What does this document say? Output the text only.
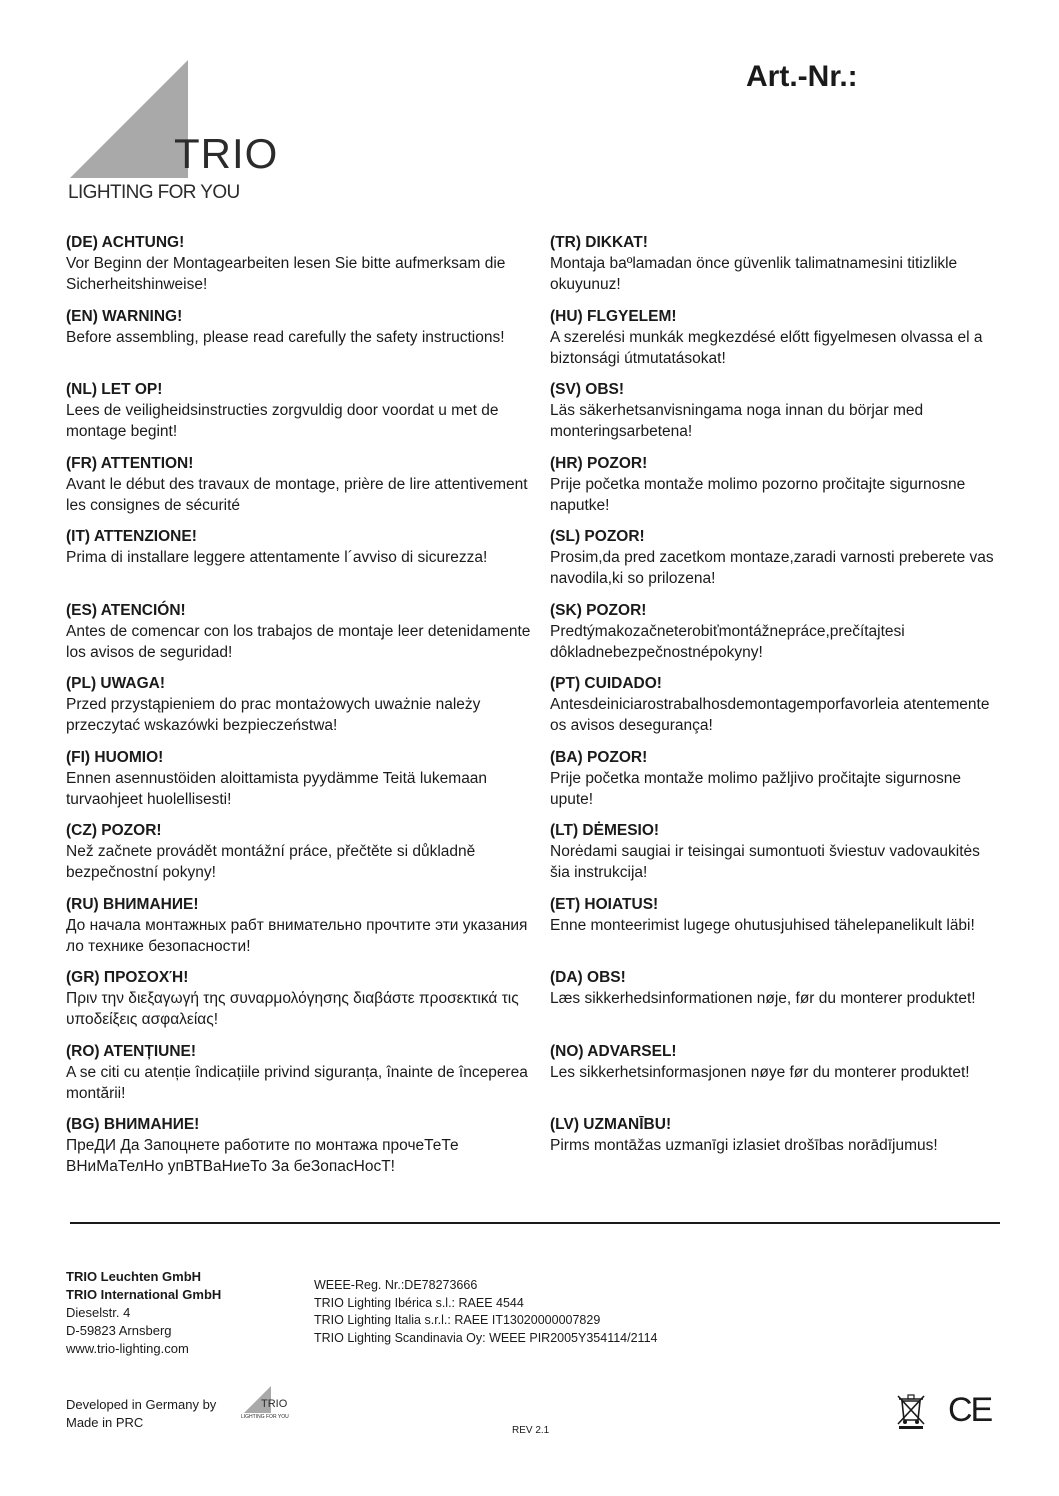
TRIO
LIGHTING FOR YOU
Art.-Nr.:
(DE) ACHTUNG!

Vor Beginn der Montagearbeiten lesen Sie bitte aufmerksam die Sicherheitshinweise!

(EN) WARNING!

Before assembling, please read carefully the safety instructions!

(NL) LET OP!

Lees de veiligheidsinstructies zorgvuldig door voordat u met de montage begint!

(FR) ATTENTION!

Avant le début des travaux de montage, prière de lire attentivement les consignes de sécurité

(IT) ATTENZIONE!

Prima di installare leggere attentamente l´avviso di sicurezza!

(ES) ATENCIÓN!

Antes de comencar con los trabajos de montaje leer detenidamente los avisos de seguridad!

(PL) UWAGA!

Przed przystąpieniem do prac montażowych uważnie należy przeczytać wskazówki bezpieczeństwa!

(FI) HUOMIO!

Ennen asennustöiden aloittamista pyydämme Teitä lukemaan turvaohjeet huolellisesti!

(CZ) POZOR!

Než začnete provádět montážní práce, přečtěte si důkladně bezpečnostní pokyny!

(RU) ВНИМАНИЕ!

До начала монтажных рабт внимательно прочтите эти указания ло технике безопасности!

(GR) ΠΡΟΣΟΧΉ!

Πριν την διεξαγωγή της συναρμολόγησης διαβάστε προσεκτικά τις υποδείξεις ασφαλείας!

(RO) ATENȚIUNE!

A se citi cu atenție îndicațiile privind siguranța, înainte de începerea montării!

(BG) ВНИМАНИЕ!

ПреДИ Да Запоцнете работите по монтажа прочеТеТе ВНиМаТелНо упВТВаНиеТо За беЗопасНосТ!

(TR) DIKKAT!

Montaja baºlamadan önce güvenlik talimatnamesini titizlikle okuyunuz!

(HU) FLGYELEM!

A szerelési munkák megkezdésé előtt figyelmesen olvassa el a biztonsági útmutatásokat!

(SV) OBS!

Läs säkerhetsanvisningama noga innan du börjar med monteringsarbetena!

(HR) POZOR!

Prije početka montaže molimo pozorno pročitajte sigurnosne naputke!

(SL) POZOR!

Prosim,da pred zacetkom montaze,zaradi varnosti preberete vas navodila,ki so prilozena!

(SK) POZOR!

Predtýmakozačneterobiťmontážnepráce,prečítajtesi dôkladnebezpečnostnépokyny!

(PT) CUIDADO!

Antesdeiniciarostrabalhosdemontagemporfavorleia atentemente os avisos desegurança!

(BA) POZOR!

Prije početka montaže molimo pažljivo pročitajte sigurnosne upute!

(LT) DĖMESIO!

Norėdami saugiai ir teisingai sumontuoti šviestuv vadovaukitės šia instrukcija!

(ET) HOIATUS!

Enne monteerimist lugege ohutusjuhised tähelepanelikult läbi!

(DA) OBS!

Læs sikkerhedsinformationen nøje, før du monterer produktet!

(NO) ADVARSEL!

Les sikkerhetsinformasjonen nøye før du monterer produktet!

(LV) UZMANĪBU!

Pirms montāžas uzmanīgi izlasiet drošības norādījumus!

TRIO Leuchten GmbH
TRIO International GmbH
Dieselstr. 4
D-59823 Arnsberg
www.trio-lighting.com
WEEE-Reg. Nr.:DE78273666
TRIO Lighting Ibérica s.l.: RAEE 4544
TRIO Lighting Italia s.r.l.: RAEE IT13020000007829
TRIO Lighting Scandinavia Oy: WEEE PIR2005Y354114/2114
Developed in Germany by
Made in PRC
TRIO
LIGHTING FOR YOU
REV 2.1
CE
